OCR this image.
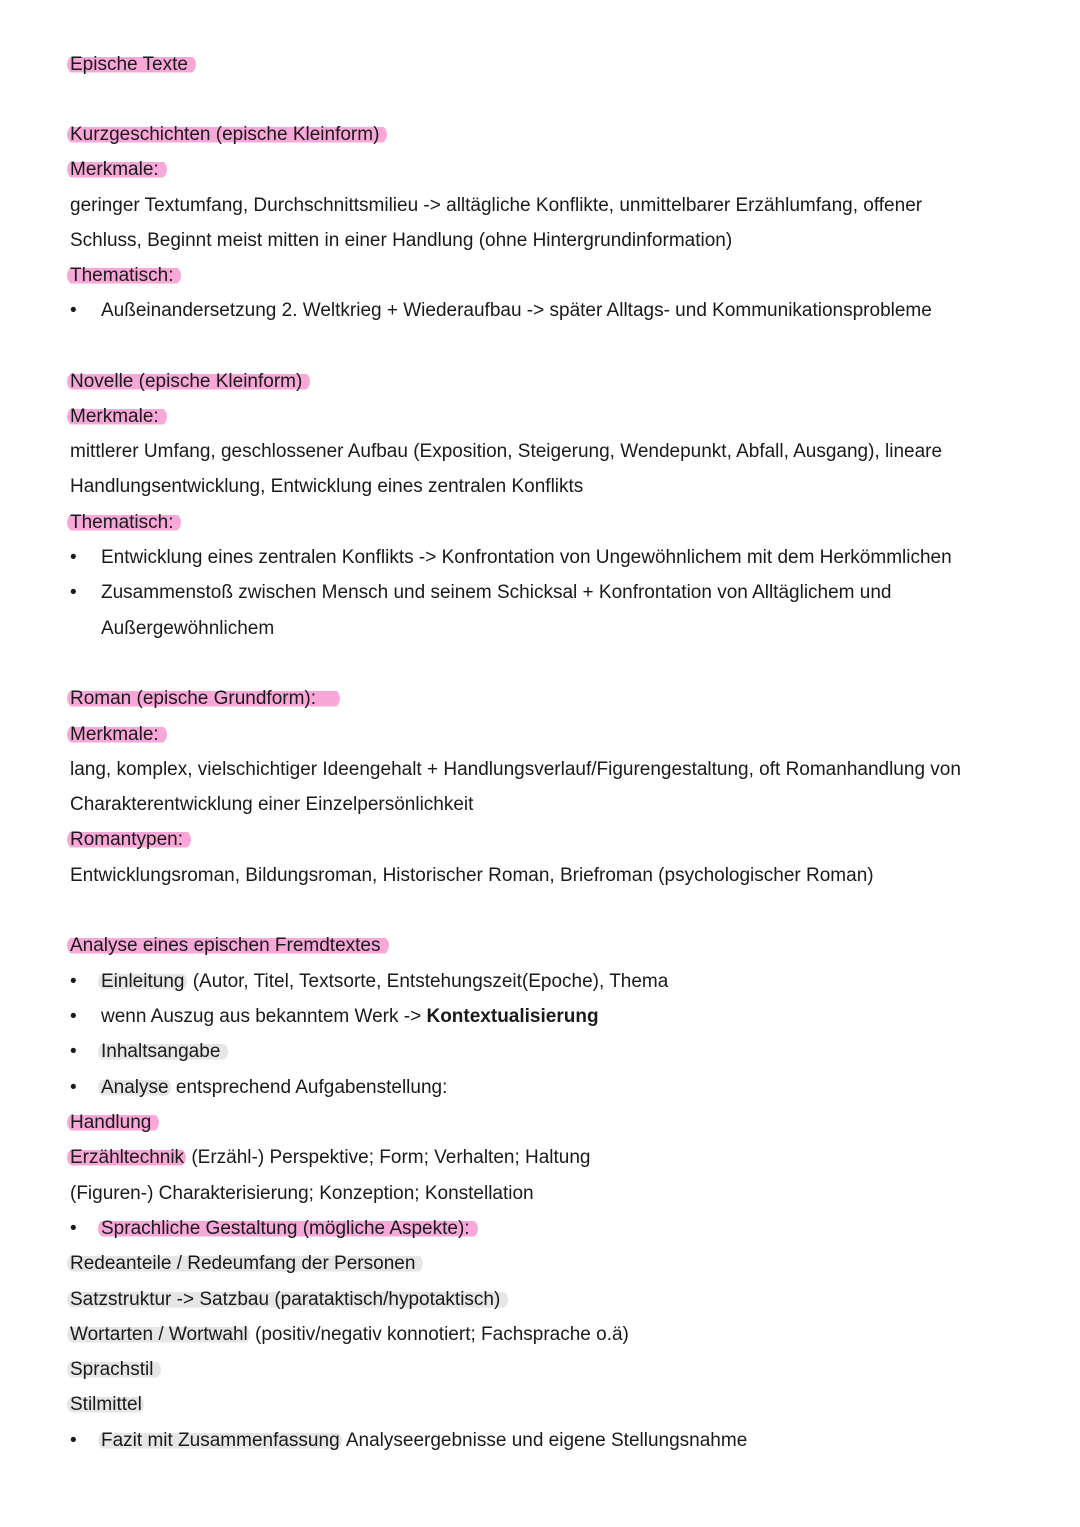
Epische Texte
Kurzgeschichten (epische Kleinform)
Merkmale:
geringer Textumfang, Durchschnittsmilieu -> alltägliche Konflikte, unmittelbarer Erzählumfang, offener
Schluss, Beginnt meist mitten in einer Handlung (ohne Hintergrundinformation)
Thematisch:
•	Außeinandersetzung 2. Weltkrieg + Wiederaufbau -> später Alltags- und Kommunikationsprobleme
Novelle (epische Kleinform)
Merkmale:
mittlerer Umfang, geschlossener Aufbau (Exposition, Steigerung, Wendepunkt, Abfall, Ausgang), lineare
Handlungsentwicklung, Entwicklung eines zentralen Konflikts
Thematisch:
•	Entwicklung eines zentralen Konflikts -> Konfrontation von Ungewöhnlichem mit dem Herkömmlichen
•	Zusammenstoß zwischen Mensch und seinem Schicksal + Konfrontation von Alltäglichem und
Außergewöhnlichem
Roman (epische Grundform):
Merkmale:
lang, komplex, vielschichtiger Ideengehalt + Handlungsverlauf/Figurengestaltung, oft Romanhandlung von
Charakterentwicklung einer Einzelpersönlichkeit
Romantypen:
Entwicklungsroman, Bildungsroman, Historischer Roman, Briefroman (psychologischer Roman)
Analyse eines epischen Fremdtextes
•	Einleitung (Autor, Titel, Textsorte, Entstehungszeit(Epoche), Thema
•	wenn Auszug aus bekanntem Werk -> Kontextualisierung
•	Inhaltsangabe
•	Analyse entsprechend Aufgabenstellung:
Handlung
Erzähltechnik (Erzähl-) Perspektive; Form; Verhalten; Haltung
(Figuren-) Charakterisierung; Konzeption; Konstellation
•	Sprachliche Gestaltung (mögliche Aspekte):
Redeanteile / Redeumfang der Personen
Satzstruktur -> Satzbau (parataktisch/hypotaktisch)
Wortarten / Wortwahl (positiv/negativ konnotiert; Fachsprache o.ä)
Sprachstil
Stilmittel
•	Fazit mit Zusammenfassung Analyseergebnisse und eigene Stellungsnahme
